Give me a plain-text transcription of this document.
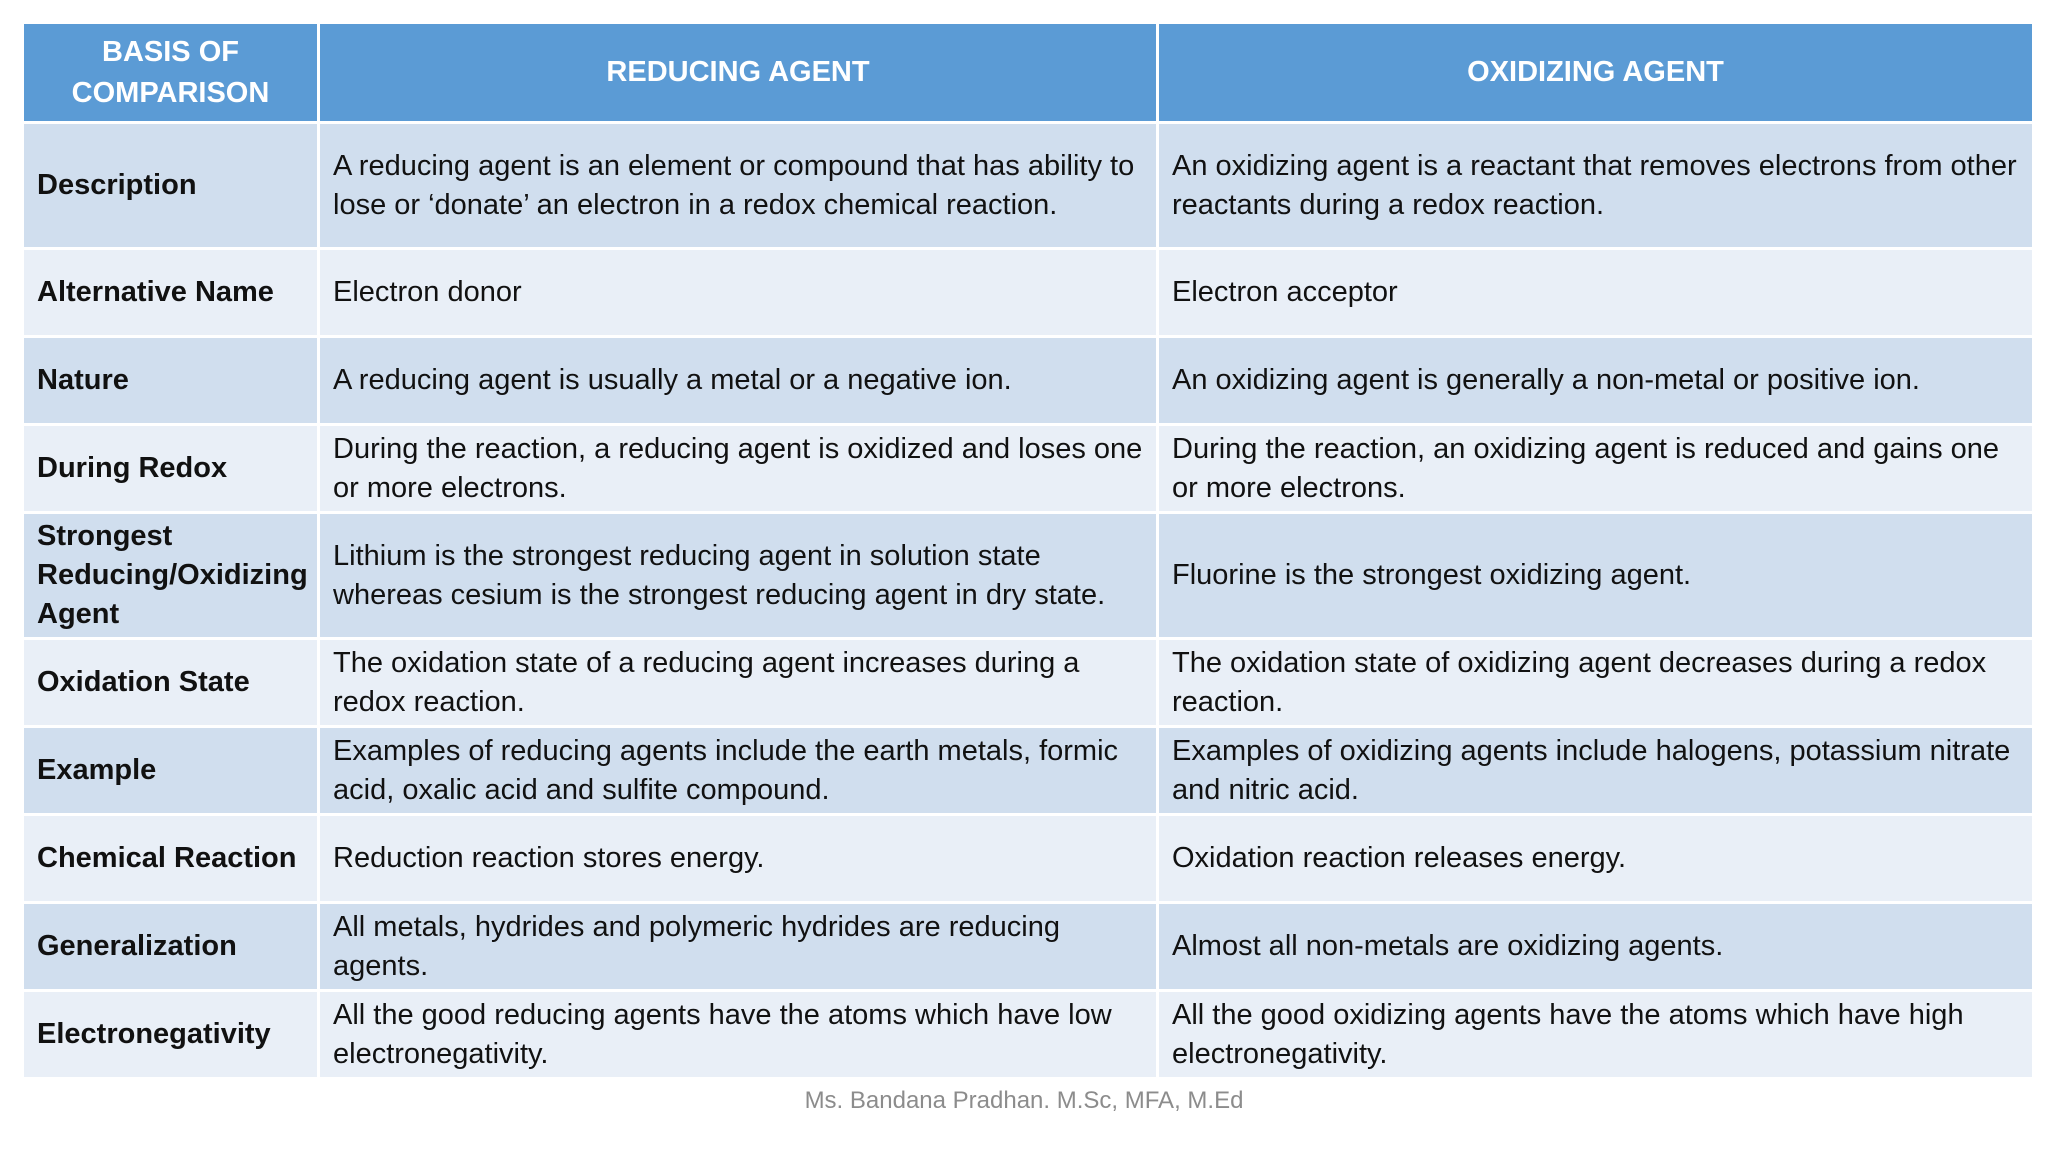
BASIS OF COMPARISON	REDUCING AGENT	OXIDIZING AGENT
Description	A reducing agent is an element or compound that has ability to lose or ‘donate’ an electron in a redox chemical reaction.	An oxidizing agent is a reactant that removes electrons from other reactants during a redox reaction.
Alternative Name	Electron donor	Electron acceptor
Nature	A reducing agent is usually a metal or a negative ion.	An oxidizing agent is generally a non-metal or positive ion.
During Redox	During the reaction, a reducing agent is oxidized and loses one or more electrons.	During the reaction, an oxidizing agent is reduced and gains one or more electrons.
Strongest Reducing/Oxidizing Agent	Lithium is the strongest reducing agent in solution state whereas cesium is the strongest reducing agent in dry state.	Fluorine is the strongest oxidizing agent.
Oxidation State	The oxidation state of a reducing agent increases during a redox reaction.	The oxidation state of oxidizing agent decreases during a redox reaction.
Example	Examples of reducing agents include the earth metals, formic acid, oxalic acid and sulfite compound.	Examples of oxidizing agents include halogens, potassium nitrate and nitric acid.
Chemical Reaction	Reduction reaction stores energy.	Oxidation reaction releases energy.
Generalization	All metals, hydrides and polymeric hydrides are reducing agents.	Almost all non-metals are oxidizing agents.
Electronegativity	All the good reducing agents have the atoms which have low electronegativity.	All the good oxidizing agents have the atoms which have high electronegativity.
Ms. Bandana Pradhan. M.Sc, MFA, M.Ed
